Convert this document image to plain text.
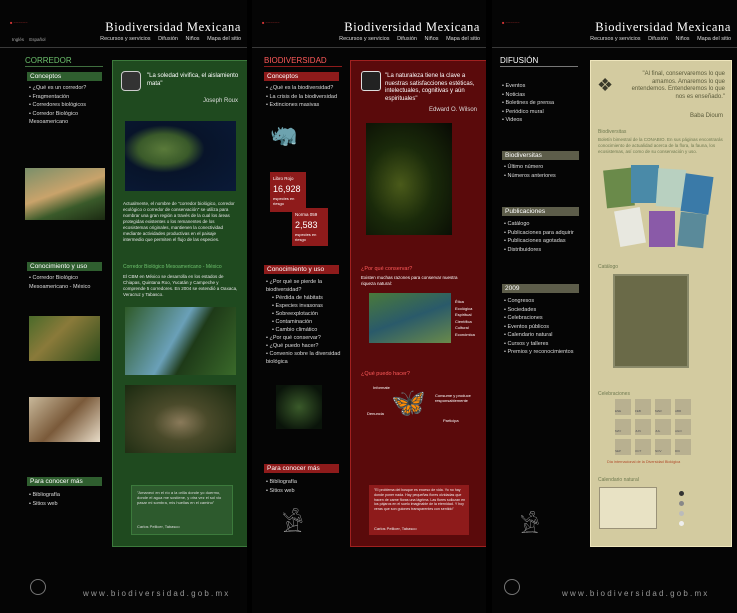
■ ~~~~~~
Inglés Español
Biodiversidad Mexicana
Recursos y servicios Difusión Niños Mapa del sitio
CORREDOR
Conceptos
• ¿Qué es un corredor?
• Fragmentación
• Corredores biológicos
• Corredor Biológico Mesoamericano
Conocimiento y uso
• Corredor Biológico Mesoamericano - México
Para conocer más
• Bibliografía
• Sitios web
"La soledad vivifica, el aislamiento mata"
Joseph Roux
Actualmente, el nombre de "corredor biológico, corredor ecológico o corredor de conservación" se utiliza para nombrar una gran región a través de la cual los áreas protegidas existentes o los remanentes de los ecosistemas originales, mantienen la conectividad mediante actividades productivas en el paisaje intermedio que permiten el flujo de las especies.
Corredor Biológico Mesoamericano - México
El CBM en México se desarrolla en los estados de Chiapas, Quintana Roo, Yucatán y Campeche y comprende 5 corredores. En 2004 se extendió a Oaxaca, Veracruz y Tabasco.
"Amanecí en el río a la orilla donde yo duermo, donde el agua me sostiene, y otra vez el sol vio pasar mi sombra, mis huellas en el camino"
Carlos Pellicer, Tabasco
www.biodiversidad.gob.mx
■ ~~~~~~	Biodiversidad Mexicana
Recursos y servicios Difusión Niños Mapa del sitio
BIODIVERSIDAD
Conceptos
• ¿Qué es la biodiversidad?
• La crisis de la biodiversidad
• Extinciones masivas
🦏
Libro Rojo
16,928
especies en riesgo
Norma 059
2,583
especies en riesgo
Conocimiento y uso
• ¿Por qué se pierde la biodiversidad?
• Pérdida de hábitats
• Especies invasoras
• Sobreexplotación
• Contaminación
• Cambio climático
• ¿Por qué conservar?
• ¿Qué puedo hacer?
• Convenio sobre la diversidad biológica
Para conocer más
• Bibliografía
• Sitios web
𓀀
"La naturaleza tiene la clave a nuestras satisfacciones estéticas, intelectuales, cognitivas y aún espirituales"
Edward O. Wilson
¿Por qué conservar?
Existen muchas razones para conservar nuestra riqueza natural:
Ética
Ecológica
Espiritual
Científica
Cultural
Económica
¿Qué puedo hacer?
🦋
Informate
Consume y produce responsablemente
Denuncia
Participa
"El problema del bosque es exceso de vida. Yo no hay donde poner nada. Hay pequeñas flores olvidadas que hacen de carne floras una lágrima. Las flores sollozan en los pájaros en el suelo imaginable de la eternidad. Y hoy veras que son guiones transparentes con sentido"
Carlos Pellicer, Tabasco
■ ~~~~~~	Biodiversidad Mexicana
Recursos y servicios Difusión Niños Mapa del sitio
DIFUSIÓN
• Eventos
• Noticias
• Boletines de prensa
• Periódico mural
• Videos
Biodiversitas
• Último número
• Números anteriores
Publicaciones
• Catálogo
• Publicaciones para adquirir
• Publicaciones agotadas
• Distribuidores
2009
• Congresos
• Sociedades
• Celebraciones
• Eventos públicos
• Calendario natural
• Cursos y talleres
• Premios y reconocimientos
𓀀
❖
"Al final, conservaremos lo que amamos. Amaremos lo que entendemos. Entenderemos lo que nos es enseñado."
Baba Dioum
Biodiversitas
Boletín bimestral de la CONABIO. En sus páginas encontrarás conocimiento de actualidad acerca de la flora, la fauna, los ecosistemas, así como de su conservación y uso.
Catálogo
Celebraciones
ENE	FEB	MAR	ABR
MAY	JUN	JUL	AGO
SEP	OCT	NOV	DIC
Día internacional de la Diversidad Biológica
Calendario natural
www.biodiversidad.gob.mx
